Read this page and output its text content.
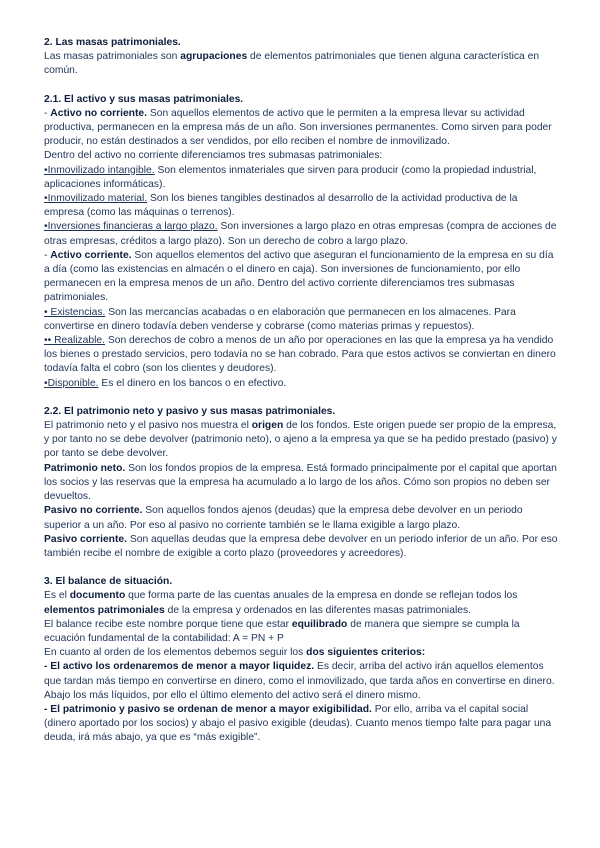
2. Las masas patrimoniales.

Las masas patrimoniales son agrupaciones de elementos patrimoniales que tienen alguna característica en común.

2.1. El activo y sus masas patrimoniales.

- Activo no corriente. Son aquellos elementos de activo que le permiten a la empresa llevar su actividad productiva, permanecen en la empresa más de un año. Son inversiones permanentes. Como sirven para poder producir, no están destinados a ser vendidos, por ello reciben el nombre de inmovilizado.

Dentro del activo no corriente diferenciamos tres submasas patrimoniales:

•Inmovilizado intangible. Son elementos inmateriales que sirven para producir (como la propiedad industrial, aplicaciones informáticas).

•Inmovilizado material. Son los bienes tangibles destinados al desarrollo de la actividad productiva de la empresa (como las máquinas o terrenos).

•Inversiones financieras a largo plazo. Son inversiones a largo plazo en otras empresas (compra de acciones de otras empresas, créditos a largo plazo). Son un derecho de cobro a largo plazo.

- Activo corriente. Son aquellos elementos del activo que aseguran el funcionamiento de la empresa en su día a día (como las existencias en almacén o el dinero en caja). Son inversiones de funcionamiento, por ello permanecen en la empresa menos de un año. Dentro del activo corriente diferenciamos tres submasas patrimoniales.

• Existencias. Son las mercancías acabadas o en elaboración que permanecen en los almacenes. Para convertirse en dinero todavía deben venderse y cobrarse (como materias primas y repuestos).

•• Realizable. Son derechos de cobro a menos de un año por operaciones en las que la empresa ya ha vendido los bienes o prestado servicios, pero todavía no se han cobrado. Para que estos activos se conviertan en dinero todavía falta el cobro (son los clientes y deudores).

•Disponible. Es el dinero en los bancos o en efectivo.

2.2. El patrimonio neto y pasivo y sus masas patrimoniales.

El patrimonio neto y el pasivo nos muestra el origen de los fondos. Este origen puede ser propio de la empresa, y por tanto no se debe devolver (patrimonio neto), o ajeno a la empresa ya que se ha pedido prestado (pasivo) y por tanto se debe devolver.

Patrimonio neto. Son los fondos propios de la empresa. Está formado principalmente por el capital que aportan los socios y las reservas que la empresa ha acumulado a lo largo de los años. Cómo son propios no deben ser devueltos.

Pasivo no corriente. Son aquellos fondos ajenos (deudas) que la empresa debe devolver en un periodo superior a un año. Por eso al pasivo no corriente también se le llama exigible a largo plazo.

Pasivo corriente. Son aquellas deudas que la empresa debe devolver en un periodo inferior de un año. Por eso también recibe el nombre de exigible a corto plazo (proveedores y acreedores).

3. El balance de situación.

Es el documento que forma parte de las cuentas anuales de la empresa en donde se reflejan todos los elementos patrimoniales de la empresa y ordenados en las diferentes masas patrimoniales.

El balance recibe este nombre porque tiene que estar equilibrado de manera que siempre se cumpla la ecuación fundamental de la contabilidad: A = PN + P

En cuanto al orden de los elementos debemos seguir los dos siguientes criterios:

- El activo los ordenaremos de menor a mayor liquidez. Es decir, arriba del activo irán aquellos elementos que tardan más tiempo en convertirse en dinero, como el inmovilizado, que tarda años en convertirse en dinero. Abajo los más líquidos, por ello el último elemento del activo será el dinero mismo.

- El patrimonio y pasivo se ordenan de menor a mayor exigibilidad. Por ello, arriba va el capital social (dinero aportado por los socios) y abajo el pasivo exigible (deudas). Cuanto menos tiempo falte para pagar una deuda, irá más abajo, ya que es “más exigible”.
